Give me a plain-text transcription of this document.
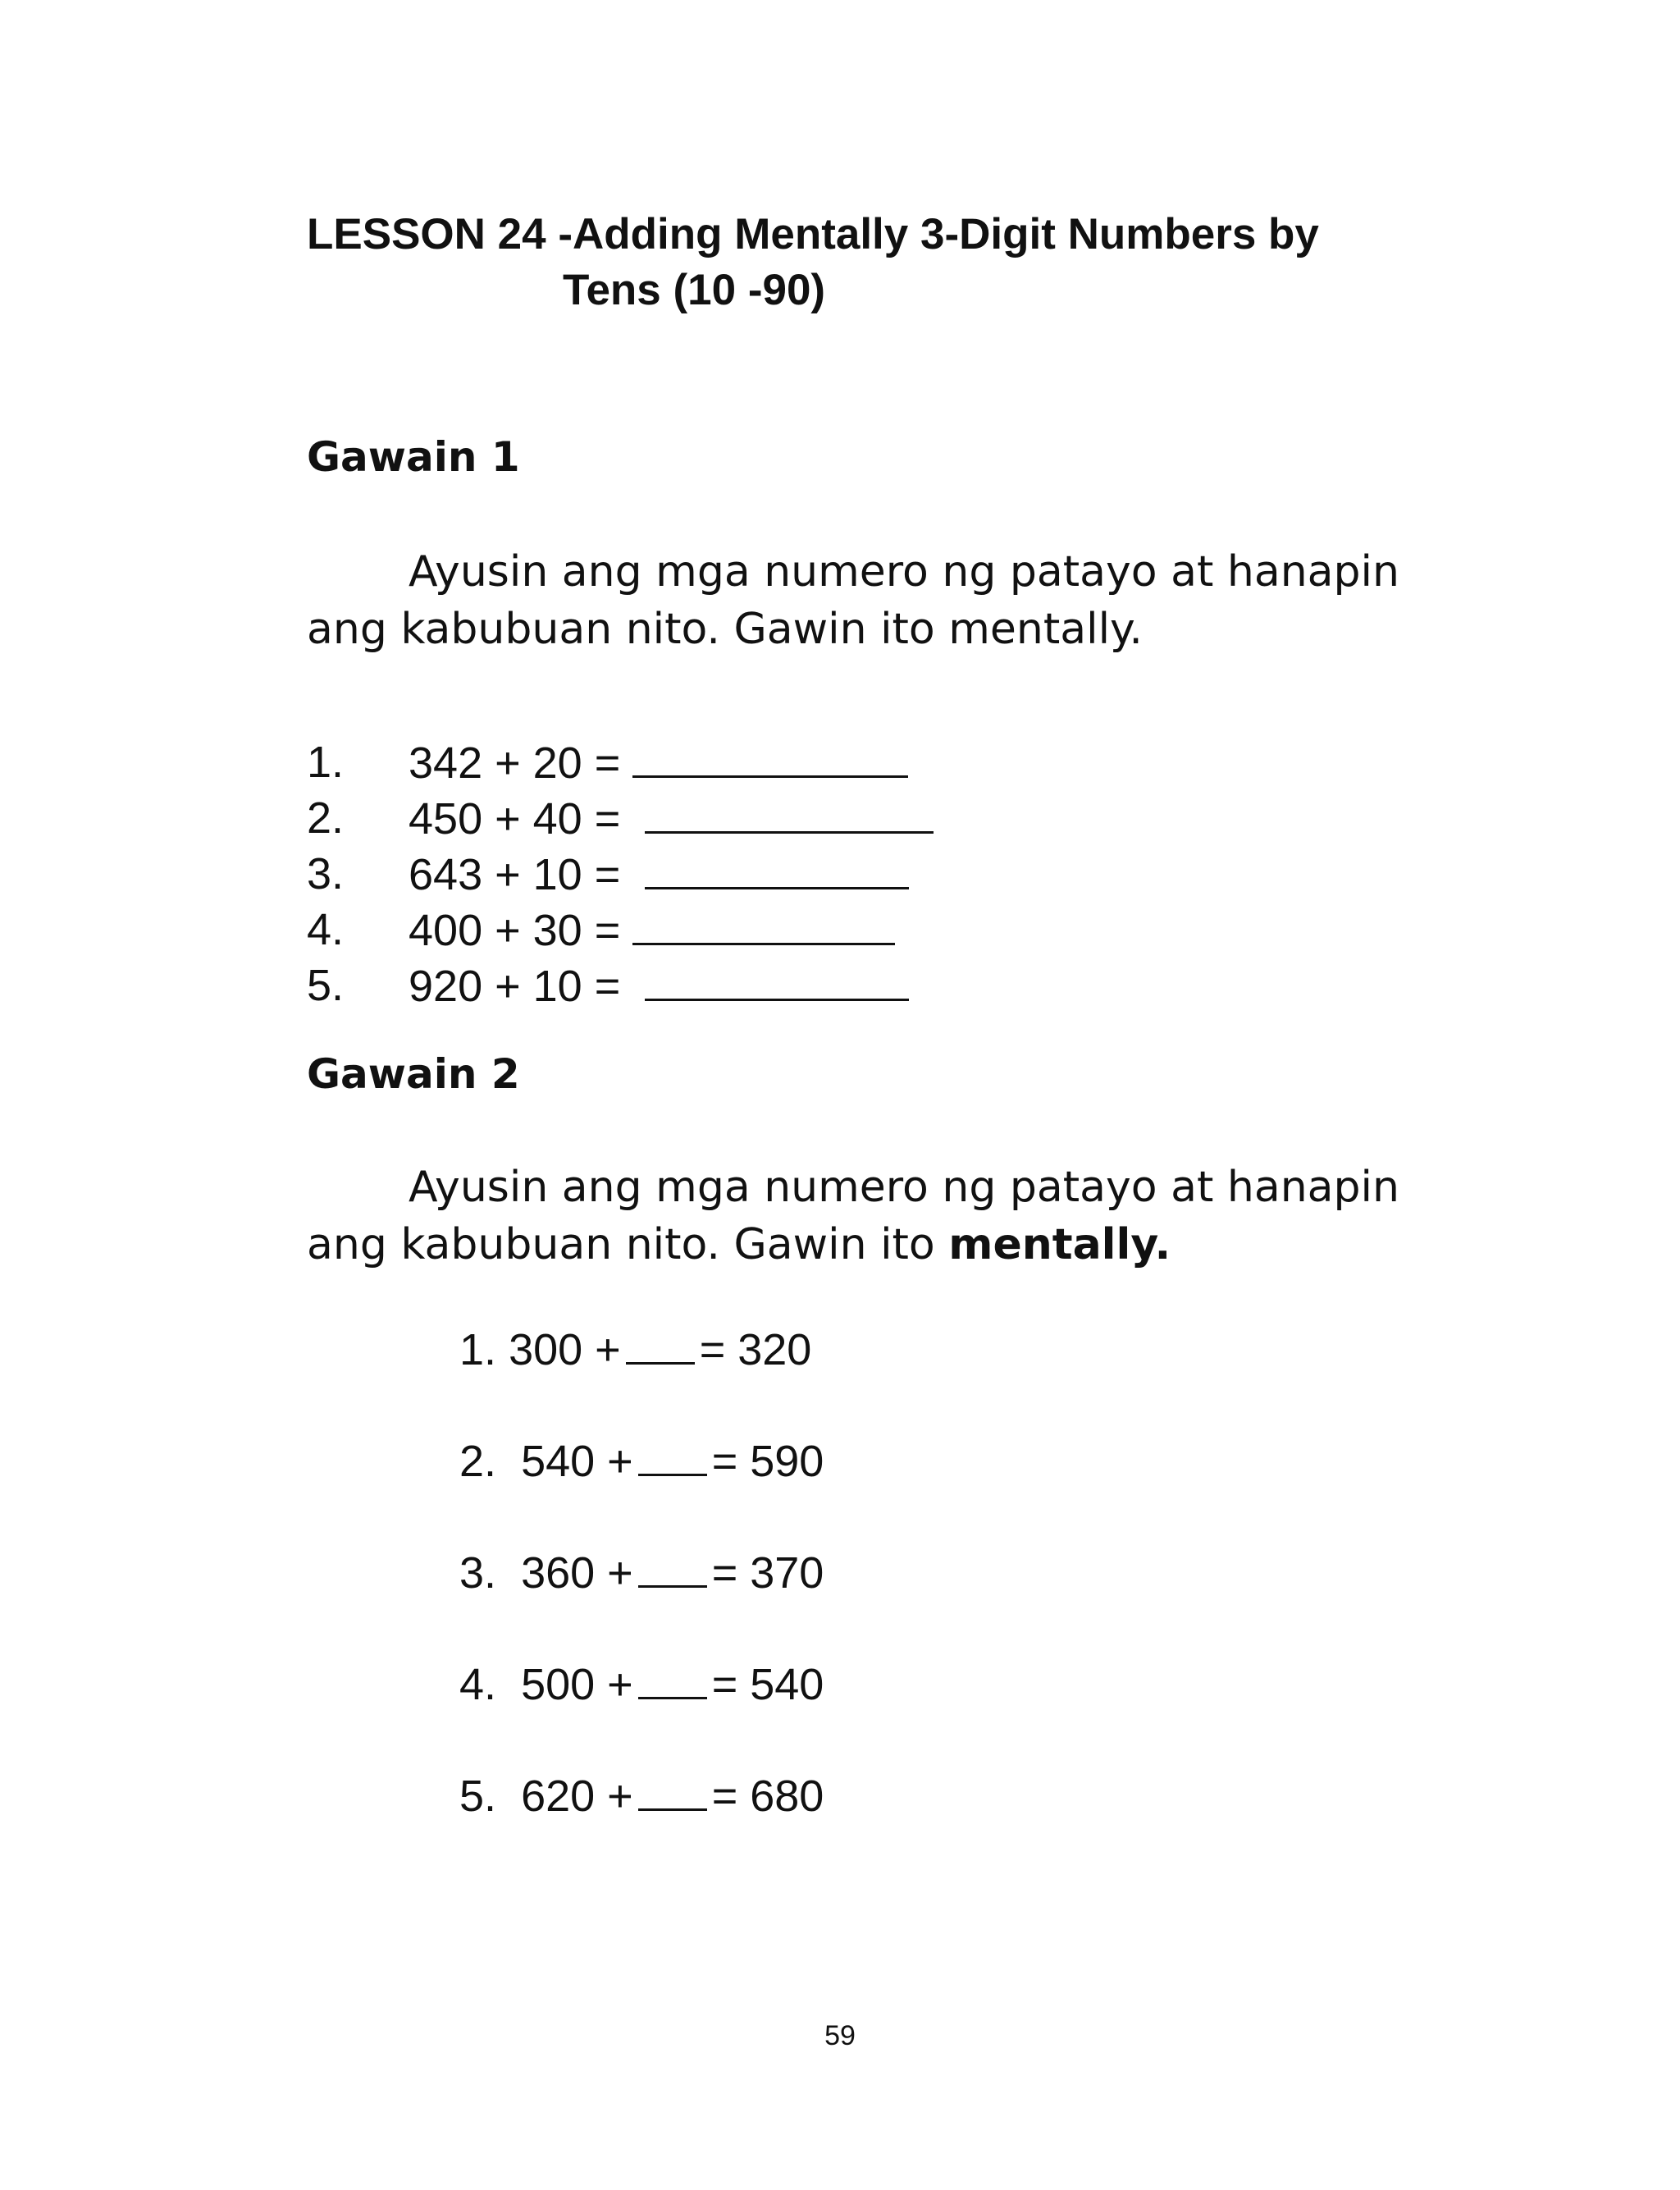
LESSON 24 -Adding Mentally 3-Digit Numbers by
Tens (10 -90)
Gawain 1
Ayusin ang mga numero ng patayo at hanapin
ang kabubuan nito. Gawin ito mentally.
1. 342 + 20 =
2. 450 + 40 =
3. 643 + 10 =
4. 400 + 30 =
5. 920 + 10 =
Gawain 2
Ayusin ang mga numero ng patayo at hanapin
ang kabubuan nito. Gawin ito mentally.
1. 300 + = 320
2. 540 + = 590
3. 360 + = 370
4. 500 + = 540
5. 620 + = 680
59
